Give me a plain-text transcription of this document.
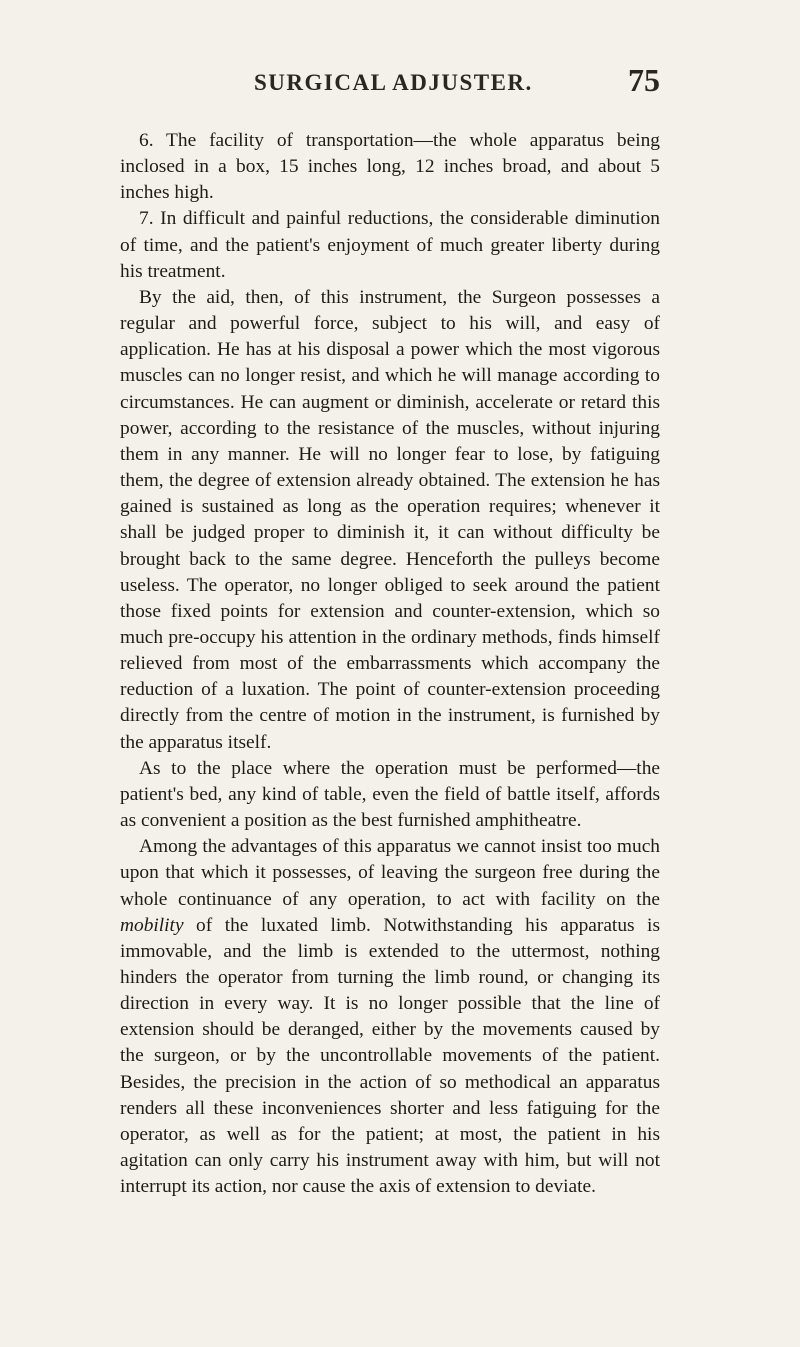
SURGICAL ADJUSTER.	75

6. The facility of transportation—the whole apparatus being inclosed in a box, 15 inches long, 12 inches broad, and about 5 inches high.

7. In difficult and painful reductions, the considerable diminution of time, and the patient's enjoyment of much greater liberty during his treatment.

By the aid, then, of this instrument, the Surgeon possesses a regular and powerful force, subject to his will, and easy of application. He has at his disposal a power which the most vigorous muscles can no longer resist, and which he will manage according to circumstances. He can augment or diminish, accelerate or retard this power, according to the resistance of the muscles, without injuring them in any manner. He will no longer fear to lose, by fatiguing them, the degree of extension already obtained. The extension he has gained is sustained as long as the operation requires; whenever it shall be judged proper to diminish it, it can without difficulty be brought back to the same degree. Henceforth the pulleys become useless. The operator, no longer obliged to seek around the patient those fixed points for extension and counter-extension, which so much pre-occupy his attention in the ordinary methods, finds himself relieved from most of the embarrassments which accompany the reduction of a luxation. The point of counter-extension proceeding directly from the centre of motion in the instrument, is furnished by the apparatus itself.

As to the place where the operation must be performed—the patient's bed, any kind of table, even the field of battle itself, affords as convenient a position as the best furnished amphitheatre.

Among the advantages of this apparatus we cannot insist too much upon that which it possesses, of leaving the surgeon free during the whole continuance of any operation, to act with facility on the mobility of the luxated limb. Notwithstanding his apparatus is immovable, and the limb is extended to the uttermost, nothing hinders the operator from turning the limb round, or changing its direction in every way. It is no longer possible that the line of extension should be deranged, either by the movements caused by the surgeon, or by the uncontrollable movements of the patient. Besides, the precision in the action of so methodical an apparatus renders all these inconveniences shorter and less fatiguing for the operator, as well as for the patient; at most, the patient in his agitation can only carry his instrument away with him, but will not interrupt its action, nor cause the axis of extension to deviate.
